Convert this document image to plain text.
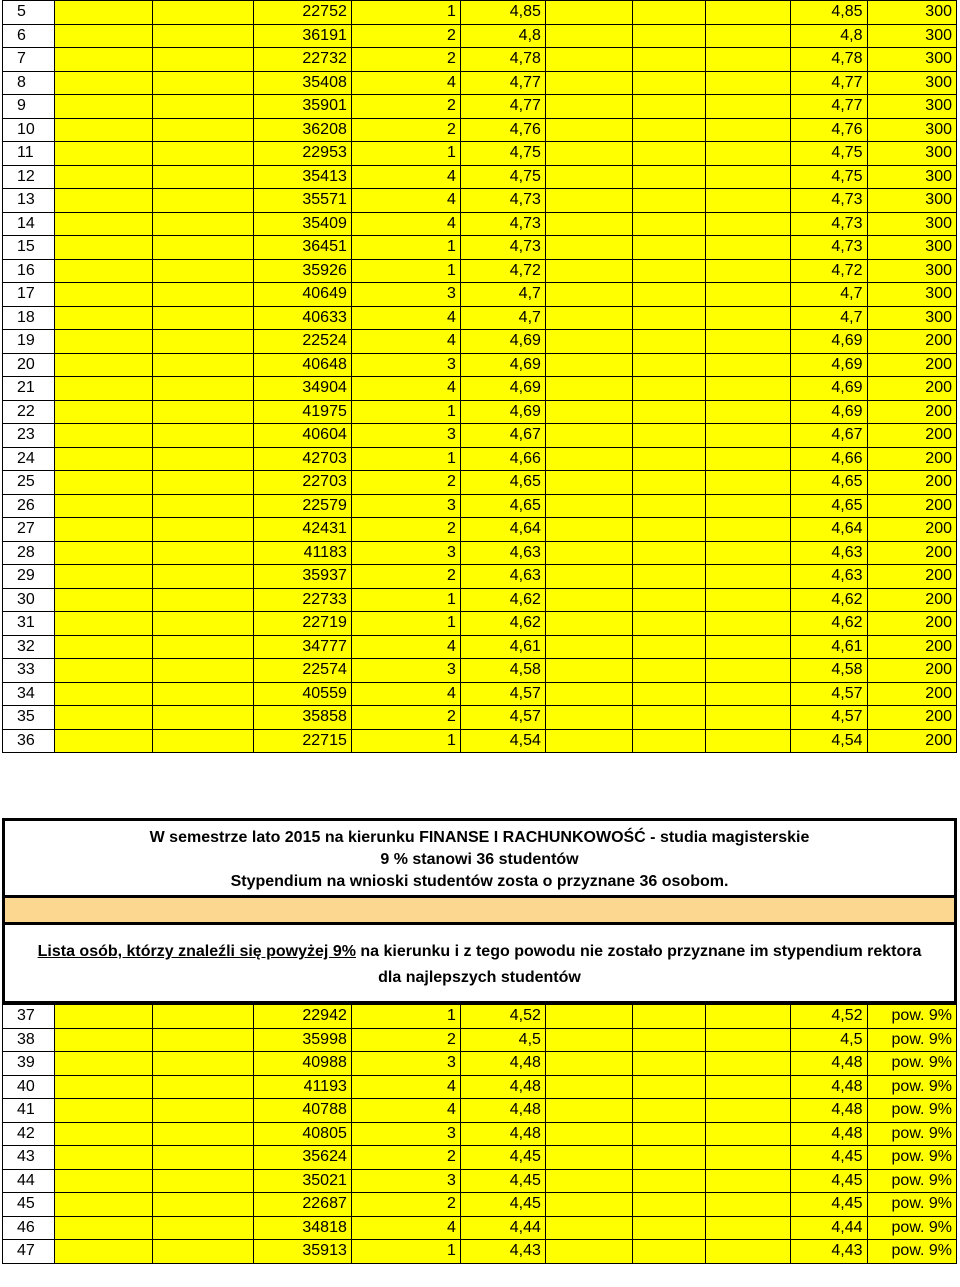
5			22752	1	4,85				4,85	300
6			36191	2	4,8				4,8	300
7			22732	2	4,78				4,78	300
8			35408	4	4,77				4,77	300
9			35901	2	4,77				4,77	300
10			36208	2	4,76				4,76	300
11			22953	1	4,75				4,75	300
12			35413	4	4,75				4,75	300
13			35571	4	4,73				4,73	300
14			35409	4	4,73				4,73	300
15			36451	1	4,73				4,73	300
16			35926	1	4,72				4,72	300
17			40649	3	4,7				4,7	300
18			40633	4	4,7				4,7	300
19			22524	4	4,69				4,69	200
20			40648	3	4,69				4,69	200
21			34904	4	4,69				4,69	200
22			41975	1	4,69				4,69	200
23			40604	3	4,67				4,67	200
24			42703	1	4,66				4,66	200
25			22703	2	4,65				4,65	200
26			22579	3	4,65				4,65	200
27			42431	2	4,64				4,64	200
28			41183	3	4,63				4,63	200
29			35937	2	4,63				4,63	200
30			22733	1	4,62				4,62	200
31			22719	1	4,62				4,62	200
32			34777	4	4,61				4,61	200
33			22574	3	4,58				4,58	200
34			40559	4	4,57				4,57	200
35			35858	2	4,57				4,57	200
36			22715	1	4,54				4,54	200
W semestrze lato 2015 na kierunku FINANSE I RACHUNKOWOŚĆ - studia magisterskie
9 % stanowi 36 studentów
Stypendium na wnioski studentów zosta o przyznane 36 osobom.
Lista osób, którzy znaleźli się powyżej 9% na kierunku i z tego powodu nie zostało przyznane im stypendium rektora
dla najlepszych studentów
37			22942	1	4,52				4,52	pow. 9%
38			35998	2	4,5				4,5	pow. 9%
39			40988	3	4,48				4,48	pow. 9%
40			41193	4	4,48				4,48	pow. 9%
41			40788	4	4,48				4,48	pow. 9%
42			40805	3	4,48				4,48	pow. 9%
43			35624	2	4,45				4,45	pow. 9%
44			35021	3	4,45				4,45	pow. 9%
45			22687	2	4,45				4,45	pow. 9%
46			34818	4	4,44				4,44	pow. 9%
47			35913	1	4,43				4,43	pow. 9%
